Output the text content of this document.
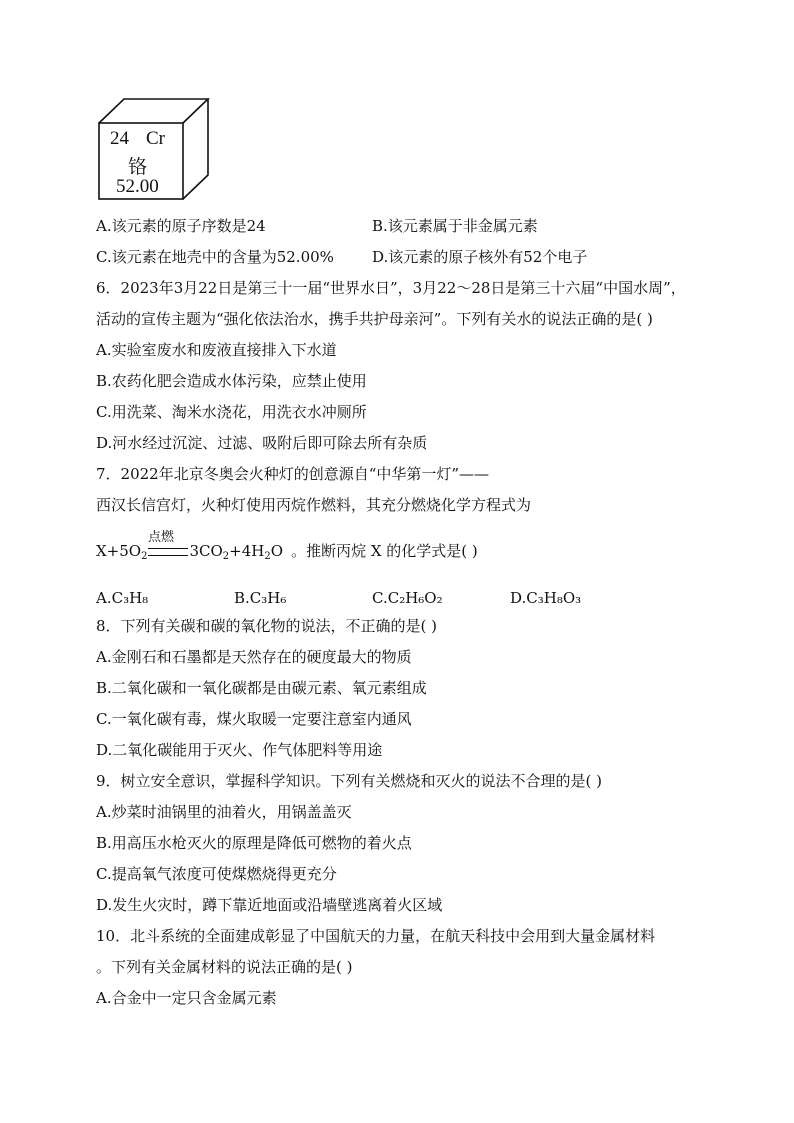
24 Cr
铬
52.00
A.该元素的原子序数是24	B.该元素属于非金属元素
C.该元素在地壳中的含量为52.00%	D.该元素的原子核外有52个电子
6．2023年3月22日是第三十一届“世界水日”，3月22～28日是第三十六届“中国水周”，
活动的宣传主题为“强化依法治水，携手共护母亲河”。下列有关水的说法正确的是( )
A.实验室废水和废液直接排入下水道
B.农药化肥会造成水体污染，应禁止使用
C.用洗菜、淘米水浇花，用洗衣水冲厕所
D.河水经过沉淀、过滤、吸附后即可除去所有杂质
7．2022年北京冬奥会火种灯的创意源自“中华第一灯”——
西汉长信宫灯，火种灯使用丙烷作燃料，其充分燃烧化学方程式为
点燃
$X+5O_2$	$3CO_2+4H_2O$ 。推断丙烷 X 的化学式是( )
A.C₃H₈	B.C₃H₆	C.C₂H₆O₂	D.C₃H₈O₃
8．下列有关碳和碳的氧化物的说法，不正确的是( )
A.金刚石和石墨都是天然存在的硬度最大的物质
B.二氧化碳和一氧化碳都是由碳元素、氧元素组成
C.一氧化碳有毒，煤火取暖一定要注意室内通风
D.二氧化碳能用于灭火、作气体肥料等用途
9．树立安全意识，掌握科学知识。下列有关燃烧和灭火的说法不合理的是( )
A.炒菜时油锅里的油着火，用锅盖盖灭
B.用高压水枪灭火的原理是降低可燃物的着火点
C.提高氧气浓度可使煤燃烧得更充分
D.发生火灾时，蹲下靠近地面或沿墙壁逃离着火区域
10．北斗系统的全面建成彰显了中国航天的力量，在航天科技中会用到大量金属材料
。下列有关金属材料的说法正确的是( )
A.合金中一定只含金属元素
